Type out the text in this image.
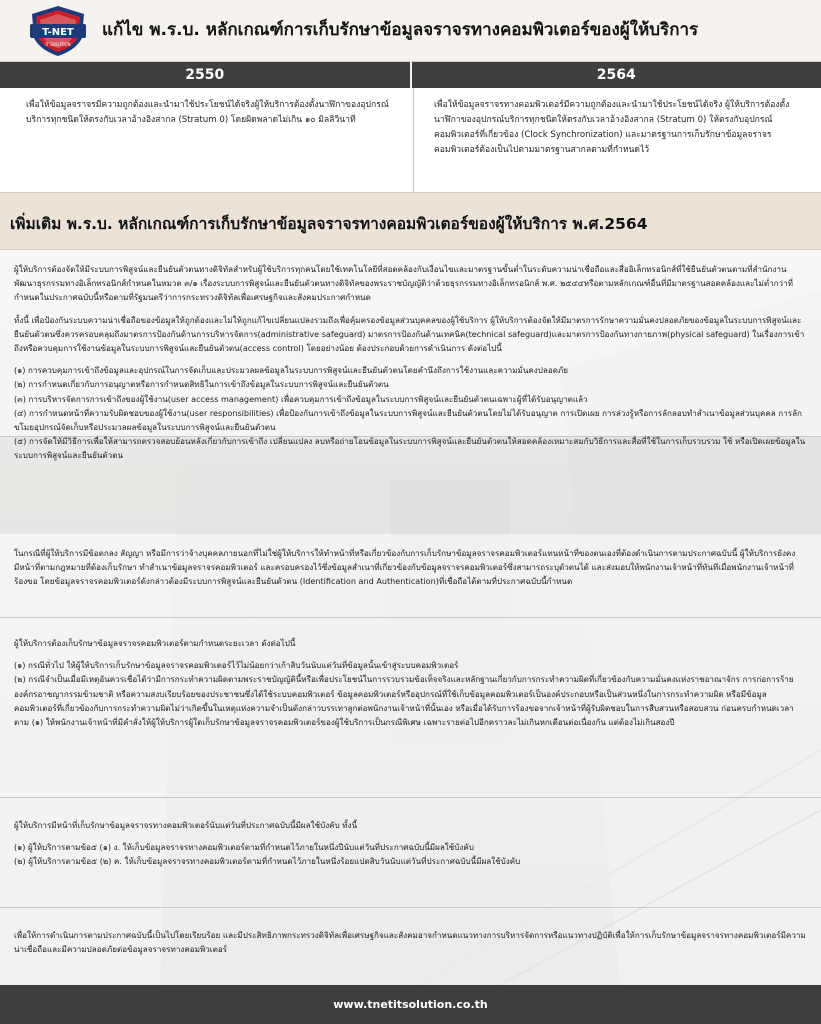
T-NET
IT SOLUTION
แก้ไข พ.ร.บ. หลักเกณฑ์การเก็บรักษาข้อมูลจราจรทางคอมพิวเตอร์ของผู้ให้บริการ
2550	2564
เพื่อให้ข้อมูลจราจรมีความถูกต้องและนำมาใช้ประโยชน์ได้จริงผู้ให้บริการต้องตั้งนาฬิกาของอุปกรณ์บริการทุกชนิดให้ตรงกับเวลาอ้างอิงสากล (Stratum 0) โดยผิดพลาดไม่เกิน ๑๐ มิลลิวินาที
เพื่อให้ข้อมูลจราจรทางคอมพิวเตอร์มีความถูกต้องและนำมาใช้ประโยชน์ได้จริง ผู้ให้บริการต้องตั้งนาฬิกาของอุปกรณ์บริการทุกชนิดให้ตรงกับเวลาอ้างอิงสากล (Stratum 0) ให้ตรงกับอุปกรณ์คอมพิวเตอร์ที่เกี่ยวข้อง (Clock Synchronization) และมาตรฐานการเก็บรักษาข้อมูลจราจรคอมพิวเตอร์ต้องเป็นไปตามมาตรฐานสากลตามที่กำหนดไว้
เพิ่มเติม พ.ร.บ. หลักเกณฑ์การเก็บรักษาข้อมูลจราจรทางคอมพิวเตอร์ของผู้ให้บริการ พ.ศ.2564

ผู้ให้บริการต้องจัดให้มีระบบการพิสูจน์และยืนยันตัวตนทางดิจิทัลสำหรับผู้ใช้บริการทุกคนโดยใช้เทคโนโลยีที่สอดคล้องกับเงื่อนไขและมาตรฐานขั้นต่ำในระดับความน่าเชื่อถือและสื่ออิเล็กทรอนิกส์ที่ใช้ยืนยันตัวตนตามที่สำนักงานพัฒนาธุรกรรมทางอิเล็กทรอนิกส์กำหนดในหมวด ๓/๑ เรื่องระบบการพิสูจน์และยืนยันตัวตนทางดิจิทัลของพระราชบัญญัติว่าด้วยธุรกรรมทางอิเล็กทรอนิกส์ พ.ศ. ๒๕๔๔หรือตามหลักเกณฑ์อื่นที่มีมาตรฐานสอดคล้องและไม่ต่ำกว่าที่กำหนดในประกาศฉบับนี้หรือตามที่รัฐมนตรีว่าการกระทรวงดิจิทัลเพื่อเศรษฐกิจและสังคมประกาศกำหนด

ทั้งนี้ เพื่อป้องกันระบบความน่าเชื่อถือของข้อมูลให้ถูกต้องและไม่ให้ถูกแก้ไขเปลี่ยนแปลงรวมถึงเพื่อคุ้มครองข้อมูลส่วนบุคคลของผู้ใช้บริการ ผู้ให้บริการต้องจัดให้มีมาตรการรักษาความมั่นคงปลอดภัยของข้อมูลในระบบการพิสูจน์และยืนยันตัวตนซึ่งควรครอบคลุมถึงมาตรการป้องกันด้านการบริหารจัดการ(administrative safeguard) มาตรการป้องกันด้านเทคนิค(technical safeguard)และมาตรการป้องกันทางกายภาพ(physical safeguard) ในเรื่องการเข้าถึงหรือควบคุมการใช้งานข้อมูลในระบบการพิสูจน์และยืนยันตัวตน(access control) โดยอย่างน้อย ต้องประกอบด้วยการดำเนินการ ดังต่อไปนี้

(๑) การควบคุมการเข้าถึงข้อมูลและอุปกรณ์ในการจัดเก็บและประมวลผลข้อมูลในระบบการพิสูจน์และยืนยันตัวตนโดยคำนึงถึงการใช้งานและความมั่นคงปลอดภัย

(๒) การกำหนดเกี่ยวกับการอนุญาตหรือการกำหนดสิทธิในการเข้าถึงข้อมูลในระบบการพิสูจน์และยืนยันตัวตน

(๓) การบริหารจัดการการเข้าถึงของผู้ใช้งาน(user access management) เพื่อควบคุมการเข้าถึงข้อมูลในระบบการพิสูจน์และยืนยันตัวตนเฉพาะผู้ที่ได้รับอนุญาตแล้ว

(๔) การกำหนดหน้าที่ความรับผิดชอบของผู้ใช้งาน(user responsibilities) เพื่อป้องกันการเข้าถึงข้อมูลในระบบการพิสูจน์และยืนยันตัวตนโดยไม่ได้รับอนุญาต การเปิดเผย การล่วงรู้หรือการลักลอบทำสำเนาข้อมูลส่วนบุคคล การลักขโมยอุปกรณ์จัดเก็บหรือประมวลผลข้อมูลในระบบการพิสูจน์และยืนยันตัวตน

(๕) การจัดให้มีวิธีการเพื่อให้สามารถตรวจสอบย้อนหลังเกี่ยวกับการเข้าถึง เปลี่ยนแปลง ลบหรือถ่ายโอนข้อมูลในระบบการพิสูจน์และยืนยันตัวตนให้สอดคล้องเหมาะสมกับวิธีการและสื่อที่ใช้ในการเก็บรวบรวม ใช้ หรือเปิดเผยข้อมูลในระบบการพิสูจน์และยืนยันตัวตน

ในกรณีที่ผู้ให้บริการมีข้อตกลง สัญญา หรือมีการว่าจ้างบุคคลภายนอกที่ไม่ใช่ผู้ให้บริการให้ทำหน้าที่หรือเกี่ยวข้องกับการเก็บรักษาข้อมูลจราจรคอมพิวเตอร์แทนหน้าที่ของตนเองที่ต้องดำเนินการตามประกาศฉบับนี้ ผู้ให้บริการยังคงมีหน้าที่ตามกฎหมายที่ต้องเก็บรักษา ทำสำเนาข้อมูลจราจรคอมพิวเตอร์ และครอบครองไว้ซึ่งข้อมูลสำเนาที่เกี่ยวข้องกับข้อมูลจราจรคอมพิวเตอร์ซึ่งสามารถระบุตัวตนได้ และส่งมอบให้พนักงานเจ้าหน้าที่ทันทีเมื่อพนักงานเจ้าหน้าที่ร้องขอ โดยข้อมูลจราจรคอมพิวเตอร์ดังกล่าวต้องมีระบบการพิสูจน์และยืนยันตัวตน (Identification and Authentication)ที่เชื่อถือได้ตามที่ประกาศฉบับนี้กำหนด

ผู้ให้บริการต้องเก็บรักษาข้อมูลจราจรคอมพิวเตอร์ตามกำหนดระยะเวลา ดังต่อไปนี้

(๑) กรณีทั่วไป ให้ผู้ให้บริการเก็บรักษาข้อมูลจราจรคอมพิวเตอร์ไว้ไม่น้อยกว่าเก้าสิบวันนับแต่วันที่ข้อมูลนั้นเข้าสู่ระบบคอมพิวเตอร์

(๒) กรณีจำเป็นเมื่อมีเหตุอันควรเชื่อได้ว่ามีการกระทำความผิดตามพระราชบัญญัตินี้หรือเพื่อประโยชน์ในการรวบรวมข้อเท็จจริงและหลักฐานเกี่ยวกับการกระทำความผิดที่เกี่ยวข้องกับความมั่นคงแห่งราชอาณาจักร การก่อการร้าย องค์กรอาชญากรรมข้ามชาติ หรือความสงบเรียบร้อยของประชาชนซึ่งได้ใช้ระบบคอมพิวเตอร์ ข้อมูลคอมพิวเตอร์หรืออุปกรณ์ที่ใช้เก็บข้อมูลคอมพิวเตอร์เป็นองค์ประกอบหรือเป็นส่วนหนึ่งในการกระทำความผิด หรือมีข้อมูลคอมพิวเตอร์ที่เกี่ยวข้องกับการกระทำความผิดไม่ว่าเกิดขึ้นในเหตุแห่งความจำเป็นดังกล่าวบรรเทาลูกต่อพนักงานเจ้าหน้าที่นั้นเอง หรือเมื่อได้รับการร้องขอจากเจ้าหน้าที่ผู้รับผิดชอบในการสืบสวนหรือสอบสวน ก่อนครบกำหนดเวลาตาม (๑) ให้พนักงานเจ้าหน้าที่มีคำสั่งให้ผู้ให้บริการผู้ใดเก็บรักษาข้อมูลจราจรคอมพิวเตอร์ของผู้ใช้บริการเป็นกรณีพิเศษ เฉพาะรายต่อไปอีกคราวละไม่เกินหกเดือนต่อเนื่องกัน แต่ต้องไม่เกินสองปี

ผู้ให้บริการมีหน้าที่เก็บรักษาข้อมูลจราจรทางคอมพิวเตอร์นับแต่วันที่ประกาศฉบับนี้มีผลใช้บังคับ ทั้งนี้

(๑) ผู้ให้บริการตามข้อ๕ (๑) ง. ให้เก็บข้อมูลจราจรทางคอมพิวเตอร์ตามที่กำหนดไว้ภายในหนึ่งปีนับแต่วันที่ประกาศฉบับนี้มีผลใช้บังคับ

(๒) ผู้ให้บริการตามข้อ๕ (๒) ค. ให้เก็บข้อมูลจราจรทางคอมพิวเตอร์ตามที่กำหนดไว้ภายในหนึ่งร้อยแปดสิบวันนับแต่วันที่ประกาศฉบับนี้มีผลใช้บังคับ

เพื่อให้การดำเนินการตามประกาศฉบับนี้เป็นไปโดยเรียบร้อย และมีประสิทธิภาพกระทรวงดิจิทัลเพื่อเศรษฐกิจและสังคมอาจกำหนดแนวทางการบริหารจัดการหรือแนวทางปฏิบัติเพื่อให้การเก็บรักษาข้อมูลจราจรทางคอมพิวเตอร์มีความน่าเชื่อถือและมีความปลอดภัยต่อข้อมูลจราจรทางคอมพิวเตอร์

www.tnetitsolution.co.th
